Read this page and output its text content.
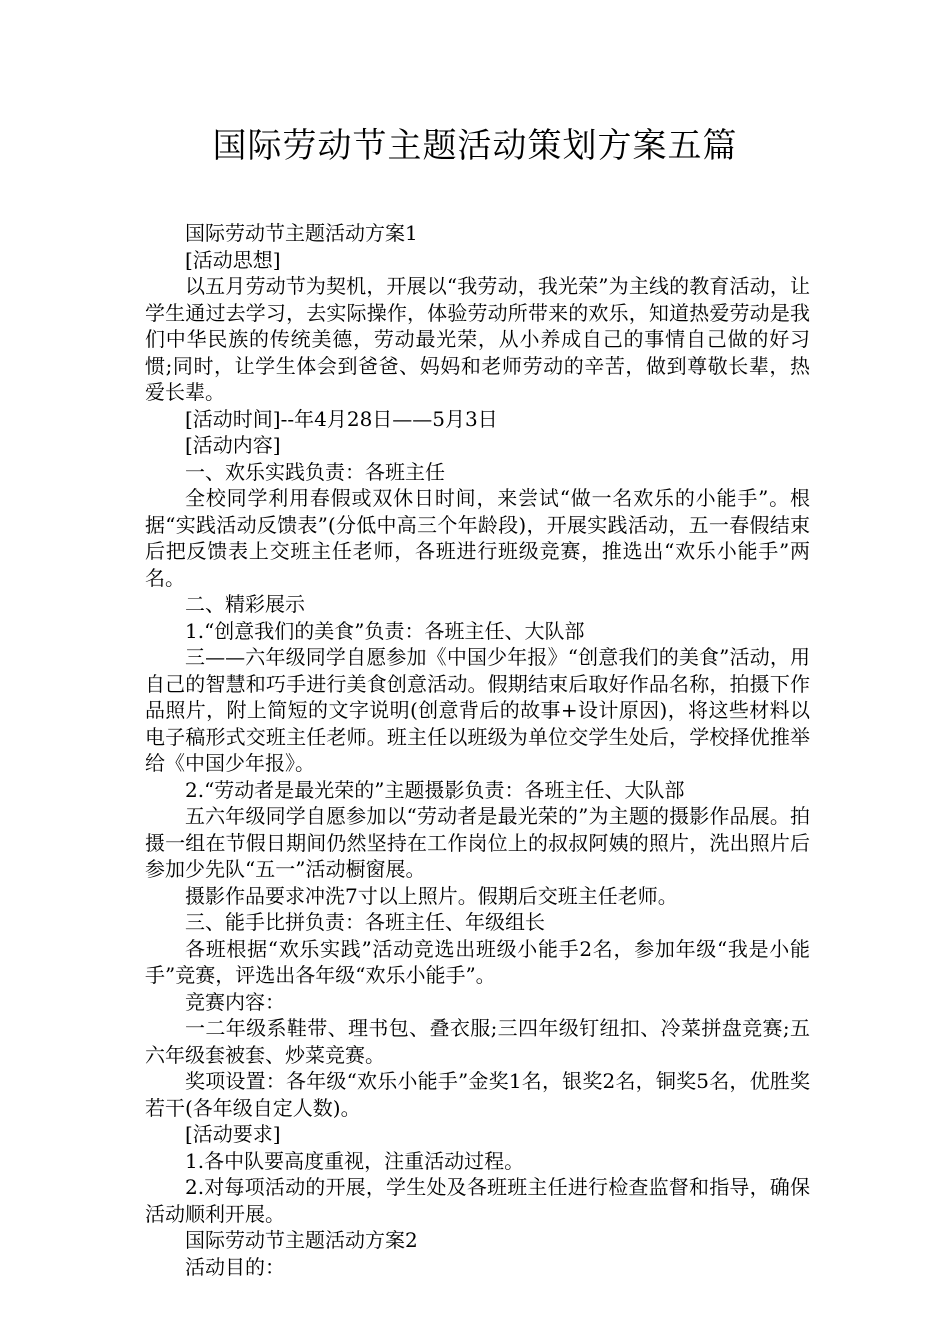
国际劳动节主题活动策划方案五篇

国际劳动节主题活动方案1

[活动思想]

以五月劳动节为契机，开展以“我劳动，我光荣”为主线的教育活动，让学生通过去学习，去实际操作，体验劳动所带来的欢乐，知道热爱劳动是我们中华民族的传统美德，劳动最光荣，从小养成自己的事情自己做的好习惯;同时，让学生体会到爸爸、妈妈和老师劳动的辛苦，做到尊敬长辈，热爱长辈。

[活动时间]--年4月28日——5月3日

[活动内容]

一、欢乐实践负责：各班主任

全校同学利用春假或双休日时间，来尝试“做一名欢乐的小能手”。根据“实践活动反馈表”(分低中高三个年龄段)，开展实践活动，五一春假结束后把反馈表上交班主任老师，各班进行班级竞赛，推选出“欢乐小能手”两名。

二、精彩展示

1.“创意我们的美食”负责：各班主任、大队部

三——六年级同学自愿参加《中国少年报》“创意我们的美食”活动，用自己的智慧和巧手进行美食创意活动。假期结束后取好作品名称，拍摄下作品照片，附上简短的文字说明(创意背后的故事+设计原因)，将这些材料以电子稿形式交班主任老师。班主任以班级为单位交学生处后，学校择优推举给《中国少年报》。

2.“劳动者是最光荣的”主题摄影负责：各班主任、大队部

五六年级同学自愿参加以“劳动者是最光荣的”为主题的摄影作品展。拍摄一组在节假日期间仍然坚持在工作岗位上的叔叔阿姨的照片，洗出照片后参加少先队“五一”活动橱窗展。

摄影作品要求冲洗7寸以上照片。假期后交班主任老师。

三、能手比拼负责：各班主任、年级组长

各班根据“欢乐实践”活动竞选出班级小能手2名，参加年级“我是小能手”竞赛，评选出各年级“欢乐小能手”。

竞赛内容：

一二年级系鞋带、理书包、叠衣服;三四年级钉纽扣、冷菜拼盘竞赛;五六年级套被套、炒菜竞赛。

奖项设置：各年级“欢乐小能手”金奖1名，银奖2名，铜奖5名，优胜奖若干(各年级自定人数)。

[活动要求]

1.各中队要高度重视，注重活动过程。

2.对每项活动的开展，学生处及各班班主任进行检查监督和指导，确保活动顺利开展。

国际劳动节主题活动方案2

活动目的：
